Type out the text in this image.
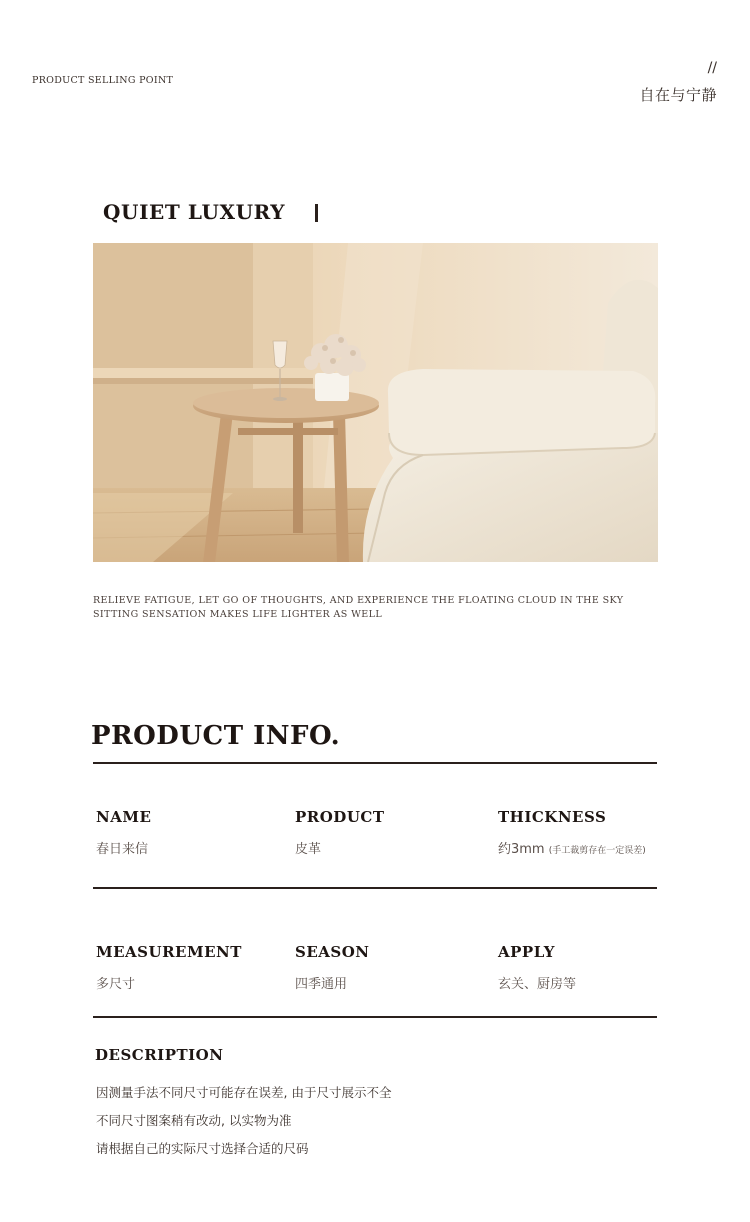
PRODUCT SELLING POINT
//
自在与宁静
QUIET LUXURY
RELIEVE FATIGUE, LET GO OF THOUGHTS, AND EXPERIENCE THE FLOATING CLOUD IN THE SKY
SITTING SENSATION MAKES LIFE LIGHTER AS WELL
PRODUCT INFO.
NAME
春日来信
PRODUCT
皮革
THICKNESS
约3mm (手工裁剪存在一定误差)
MEASUREMENT
多尺寸
SEASON
四季通用
APPLY
玄关、厨房等
DESCRIPTION
因测量手法不同尺寸可能存在误差, 由于尺寸展示不全
不同尺寸图案稍有改动, 以实物为准
请根据自己的实际尺寸选择合适的尺码
